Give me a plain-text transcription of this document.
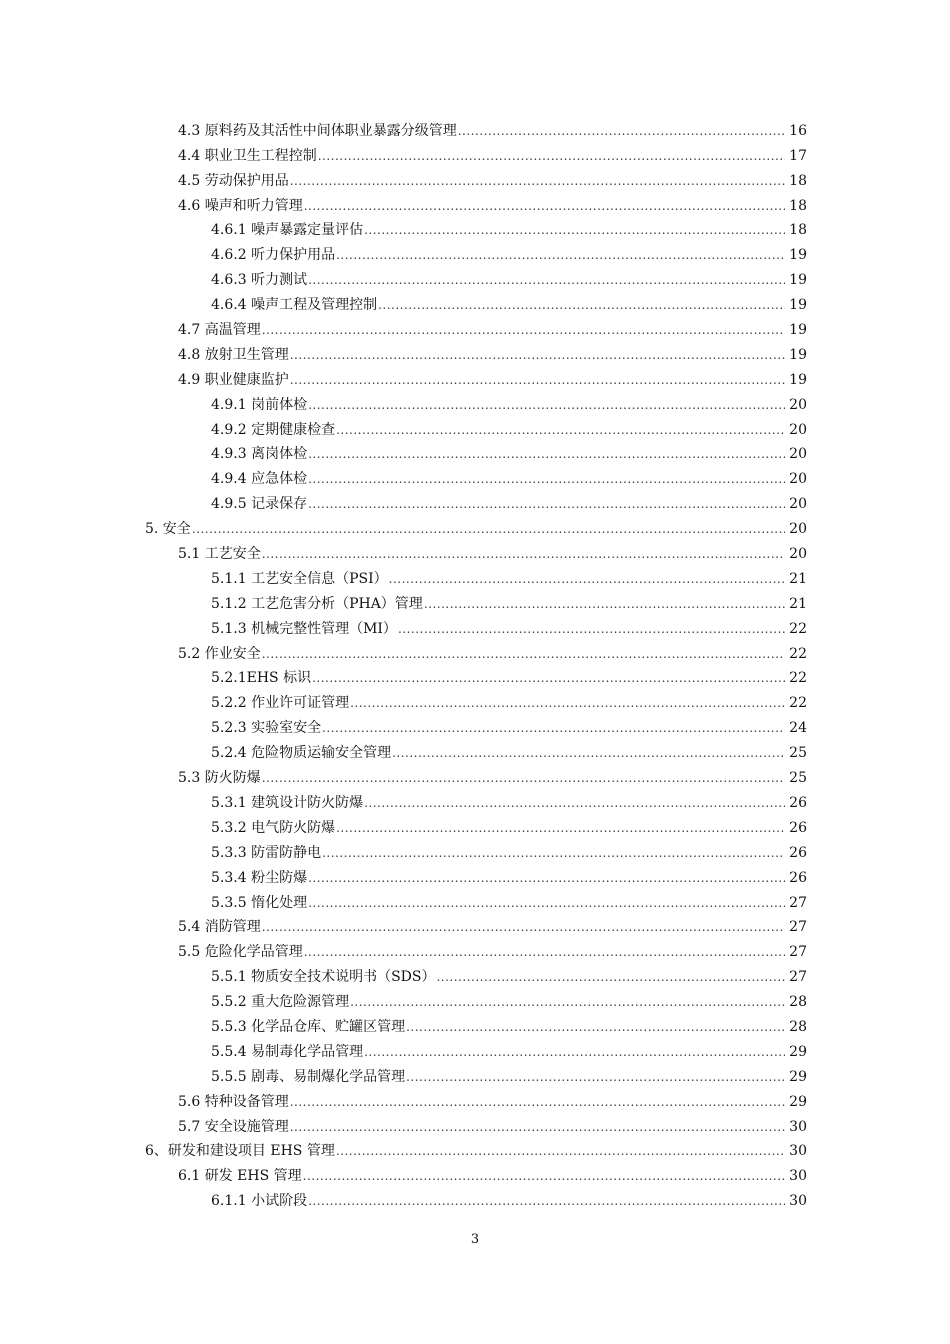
4.3 原料药及其活性中间体职业暴露分级管理 .....	16
4.4 职业卫生工程控制 .....	17
4.5 劳动保护用品 .....	18
4.6 噪声和听力管理 .....	18
4.6.1 噪声暴露定量评估 .....	18
4.6.2 听力保护用品 .....	19
4.6.3 听力测试 .....	19
4.6.4 噪声工程及管理控制 .....	19
4.7 高温管理 .....	19
4.8 放射卫生管理 .....	19
4.9 职业健康监护 .....	19
4.9.1 岗前体检 .....	20
4.9.2 定期健康检查 .....	20
4.9.3 离岗体检 .....	20
4.9.4 应急体检 .....	20
4.9.5 记录保存 .....	20
5. 安全 .....	20
5.1 工艺安全 .....	20
5.1.1 工艺安全信息（PSI） .....	21
5.1.2 工艺危害分析（PHA）管理 .....	21
5.1.3 机械完整性管理（MI） .....	22
5.2 作业安全 .....	22
5.2.1EHS 标识 .....	22
5.2.2 作业许可证管理 .....	22
5.2.3 实验室安全 .....	24
5.2.4 危险物质运输安全管理 .....	25
5.3 防火防爆 .....	25
5.3.1 建筑设计防火防爆 .....	26
5.3.2 电气防火防爆 .....	26
5.3.3 防雷防静电 .....	26
5.3.4 粉尘防爆 .....	26
5.3.5 惰化处理 .....	27
5.4 消防管理 .....	27
5.5 危险化学品管理 .....	27
5.5.1 物质安全技术说明书（SDS） .....	27
5.5.2 重大危险源管理 .....	28
5.5.3 化学品仓库、贮罐区管理 .....	28
5.5.4 易制毒化学品管理 .....	29
5.5.5 剧毒、易制爆化学品管理 .....	29
5.6 特种设备管理 .....	29
5.7 安全设施管理 .....	30
6、研发和建设项目 EHS 管理 .....	30
6.1 研发 EHS 管理 .....	30
6.1.1 小试阶段 .....	30
3
